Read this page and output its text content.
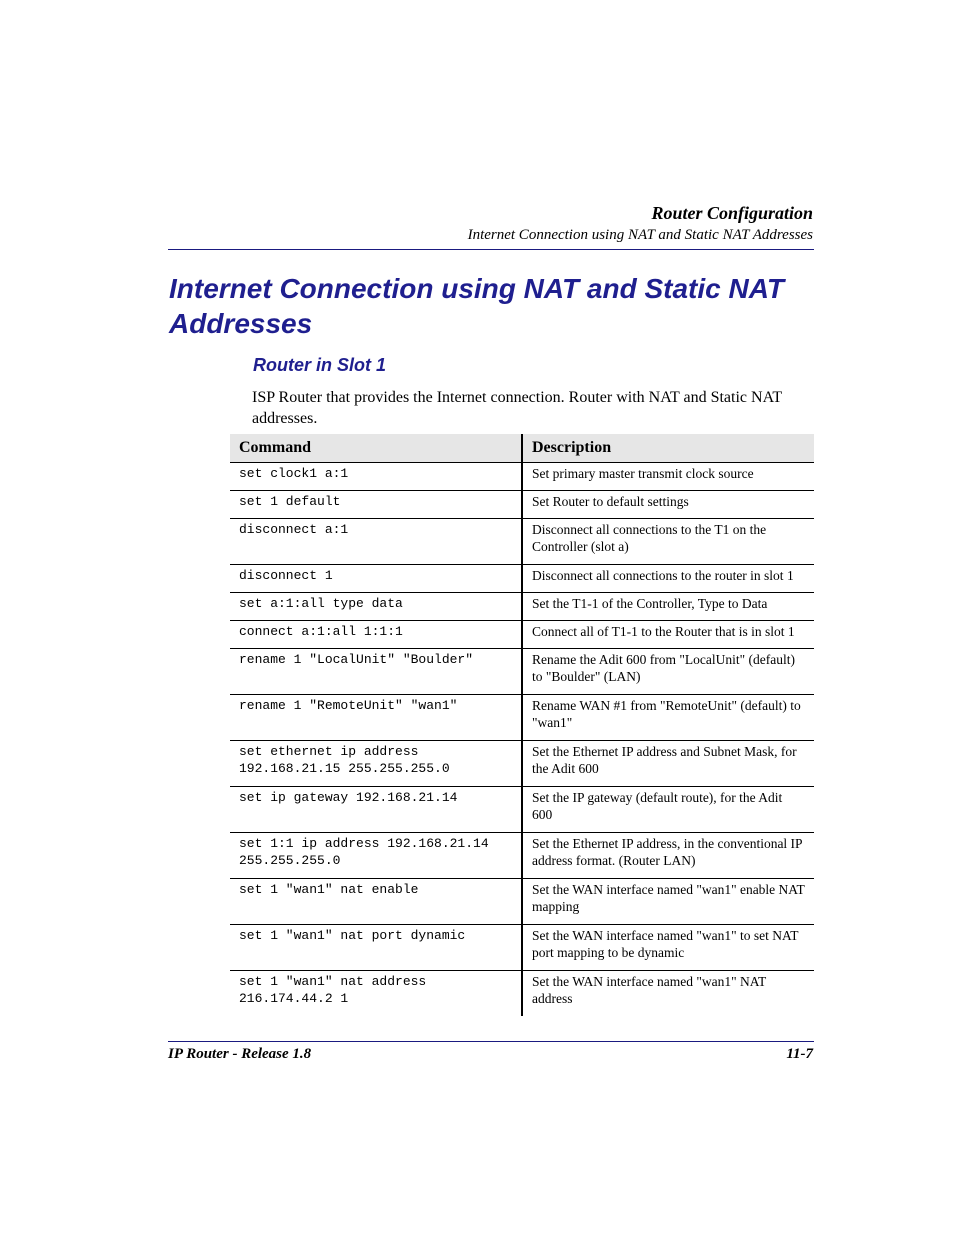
Router Configuration
Internet Connection using NAT and Static NAT Addresses
Internet Connection using NAT and Static NAT Addresses
Router in Slot 1

ISP Router that provides the Internet connection. Router with NAT and Static NAT addresses.

Command	Description
set clock1 a:1	Set primary master transmit clock source
set 1 default	Set Router to default settings
disconnect a:1	Disconnect all connections to the T1 on the Controller (slot a)
disconnect 1	Disconnect all connections to the router in slot 1
set a:1:all type data	Set the T1-1 of the Controller, Type to Data
connect a:1:all 1:1:1	Connect all of T1-1 to the Router that is in slot 1
rename 1 "LocalUnit" "Boulder"	Rename the Adit 600 from "LocalUnit" (default) to "Boulder" (LAN)
rename 1 "RemoteUnit" "wan1"	Rename WAN #1 from "RemoteUnit" (default) to "wan1"
set ethernet ip address 192.168.21.15 255.255.255.0	Set the Ethernet IP address and Subnet Mask, for the Adit 600
set ip gateway 192.168.21.14	Set the IP gateway (default route), for the Adit 600
set 1:1 ip address 192.168.21.14 255.255.255.0	Set the Ethernet IP address, in the conventional IP address format. (Router LAN)
set 1 "wan1" nat enable	Set the WAN interface named "wan1" enable NAT mapping
set 1 "wan1" nat port dynamic	Set the WAN interface named "wan1" to set NAT port mapping to be dynamic
set 1 "wan1" nat address 216.174.44.2 1	Set the WAN interface named "wan1" NAT address
IP Router - Release 1.8	11-7
